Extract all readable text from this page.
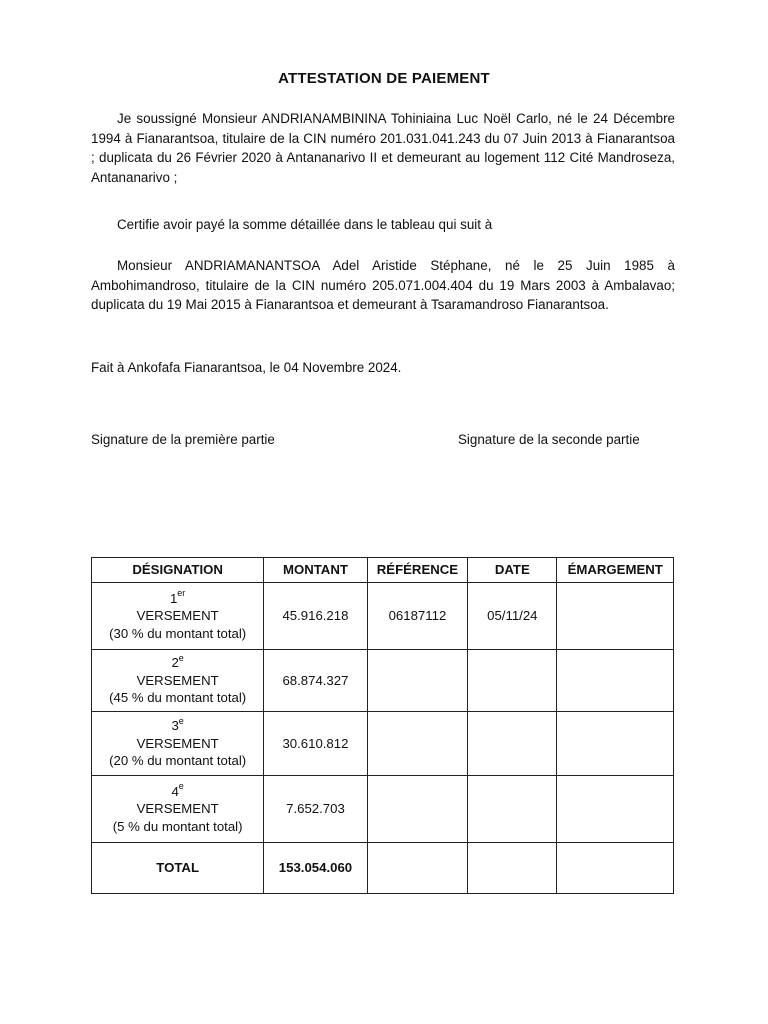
ATTESTATION DE PAIEMENT
Je soussigné Monsieur ANDRIANAMBININA Tohiniaina Luc Noël Carlo, né le 24 Décembre 1994 à Fianarantsoa, titulaire de la CIN numéro 201.031.041.243 du 07 Juin 2013 à Fianarantsoa ; duplicata du 26 Février 2020 à Antananarivo II et demeurant au logement 112 Cité Mandroseza, Antananarivo ;
Certifie avoir payé la somme détaillée dans le tableau qui suit à
Monsieur ANDRIAMANANTSOA Adel Aristide Stéphane, né le 25 Juin 1985 à Ambohimandroso, titulaire de la CIN numéro 205.071.004.404 du 19 Mars 2003 à Ambalavao; duplicata du 19 Mai 2015 à Fianarantsoa et demeurant à Tsaramandroso Fianarantsoa.
Fait à Ankofafa Fianarantsoa, le 04 Novembre 2024.
Signature de la première partie	Signature de la seconde partie
DÉSIGNATION	MONTANT	RÉFÉRENCE	DATE	ÉMARGEMENT

1er
VERSEMENT
(30 % du montant total)	45.916.218	06187112	05/11/24	

2e
VERSEMENT
(45 % du montant total)	68.874.327			

3e
VERSEMENT
(20 % du montant total)	30.610.812			

4e
VERSEMENT
(5 % du montant total)	7.652.703			
TOTAL	153.054.060			
